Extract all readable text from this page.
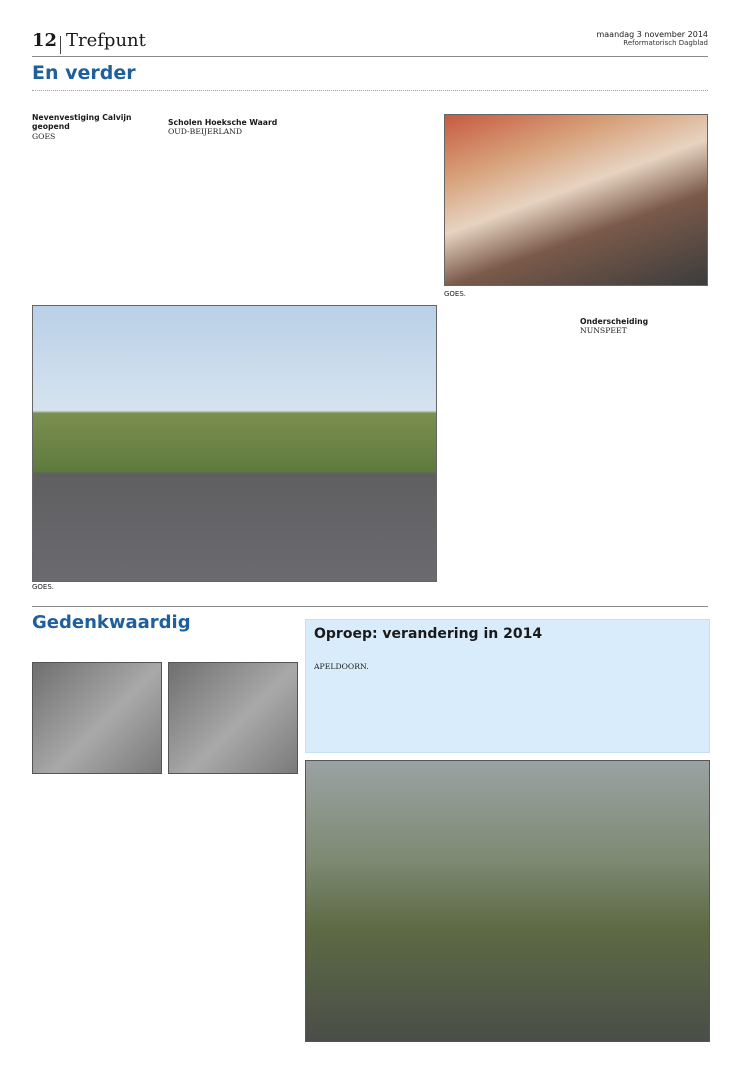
12 Trefpunt	maandag 3 november 2014
Reformatorisch Dagblad
En verder

Nevenvestiging Calvijn geopend

GOES

Scholen Hoeksche Waard

OUD-BEIJERLAND

GOES.
GOES.

Onderscheiding

NUNSPEET

Gedenkwaardig

Oproep: verandering in 2014

APELDOORN.
